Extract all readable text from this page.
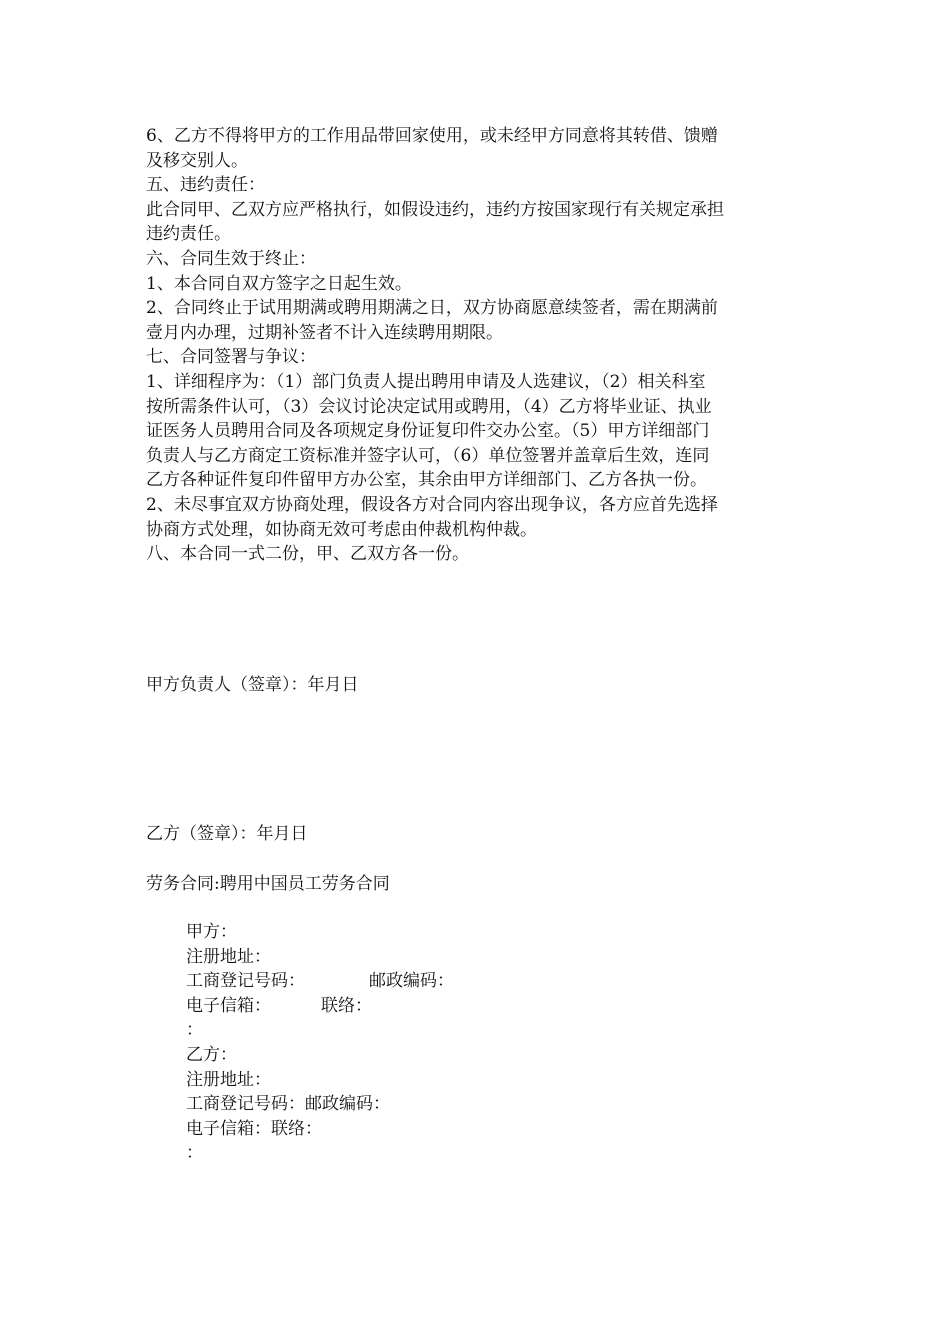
6、乙方不得将甲方的工作用品带回家使用，或未经甲方同意将其转借、馈赠
及移交别人。
五、违约责任：
此合同甲、乙双方应严格执行，如假设违约，违约方按国家现行有关规定承担
违约责任。
六、合同生效于终止：
1、本合同自双方签字之日起生效。
2、合同终止于试用期满或聘用期满之日，双方协商愿意续签者，需在期满前
壹月内办理，过期补签者不计入连续聘用期限。
七、合同签署与争议：
1、详细程序为：（1）部门负责人提出聘用申请及人选建议，（2）相关科室
按所需条件认可，（3）会议讨论决定试用或聘用，（4）乙方将毕业证、执业
证医务人员聘用合同及各项规定身份证复印件交办公室。（5）甲方详细部门
负责人与乙方商定工资标准并签字认可，（6）单位签署并盖章后生效，连同
乙方各种证件复印件留甲方办公室，其余由甲方详细部门、乙方各执一份。
2、未尽事宜双方协商处理，假设各方对合同内容出现争议，各方应首先选择
协商方式处理，如协商无效可考虑由仲裁机构仲裁。
八、本合同一式二份，甲、乙双方各一份。
甲方负责人（签章）：年月日
乙方（签章）：年月日
劳务合同:聘用中国员工劳务合同
甲方：
注册地址：
工商登记号码：	邮政编码：
电子信箱：	联络：
：
乙方：
注册地址：
工商登记号码：邮政编码：
电子信箱：联络：
：
